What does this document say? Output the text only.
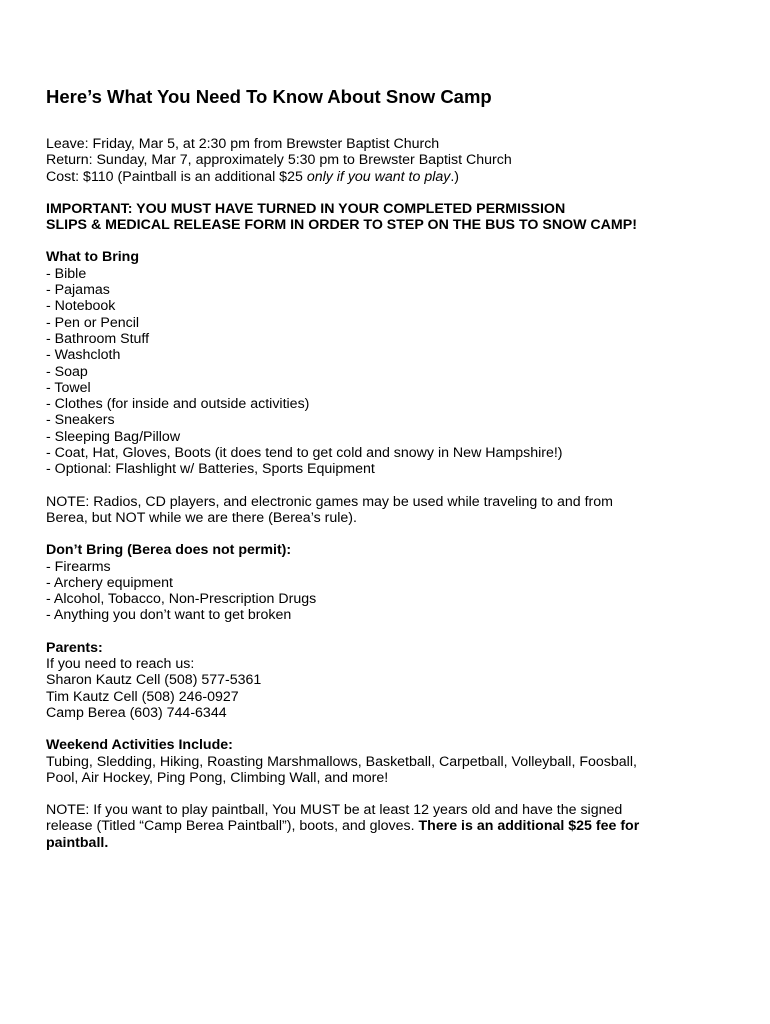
Here’s What You Need To Know About Snow Camp
Leave: Friday, Mar 5, at 2:30 pm from Brewster Baptist Church
Return: Sunday, Mar 7, approximately 5:30 pm to Brewster Baptist Church
Cost: $110 (Paintball is an additional $25 only if you want to play.)
IMPORTANT: YOU MUST HAVE TURNED IN YOUR COMPLETED PERMISSION
SLIPS & MEDICAL RELEASE FORM IN ORDER TO STEP ON THE BUS TO SNOW CAMP!
What to Bring
- Bible
- Pajamas
- Notebook
- Pen or Pencil
- Bathroom Stuff
- Washcloth
- Soap
- Towel
- Clothes (for inside and outside activities)
- Sneakers
- Sleeping Bag/Pillow
- Coat, Hat, Gloves, Boots (it does tend to get cold and snowy in New Hampshire!)
- Optional: Flashlight w/ Batteries, Sports Equipment
NOTE: Radios, CD players, and electronic games may be used while traveling to and from
Berea, but NOT while we are there (Berea’s rule).
Don’t Bring (Berea does not permit):
- Firearms
- Archery equipment
- Alcohol, Tobacco, Non-Prescription Drugs
- Anything you don’t want to get broken
Parents:
If you need to reach us:
Sharon Kautz Cell (508) 577-5361
Tim Kautz Cell (508) 246-0927
Camp Berea (603) 744-6344
Weekend Activities Include:
Tubing, Sledding, Hiking, Roasting Marshmallows, Basketball, Carpetball, Volleyball, Foosball,
Pool, Air Hockey, Ping Pong, Climbing Wall, and more!
NOTE: If you want to play paintball, You MUST be at least 12 years old and have the signed
release (Titled “Camp Berea Paintball”), boots, and gloves. There is an additional $25 fee for
paintball.
